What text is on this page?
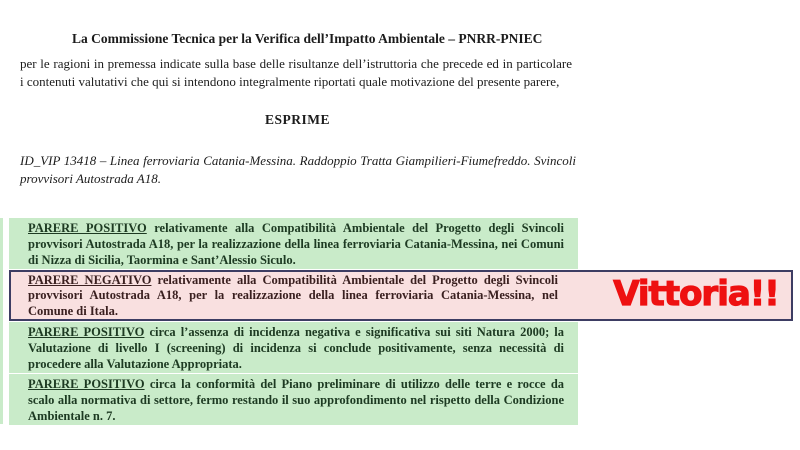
La Commissione Tecnica per la Verifica dell’Impatto Ambientale – PNRR-PNIEC
per le ragioni in premessa indicate sulla base delle risultanze dell’istruttoria che precede ed in particolare i contenuti valutativi che qui si intendono integralmente riportati quale motivazione del presente parere,
ESPRIME
ID_VIP 13418 – Linea ferroviaria Catania-Messina. Raddoppio Tratta Giampilieri-Fiumefreddo. Svincoli provvisori Autostrada A18.
PARERE POSITIVO relativamente alla Compatibilità Ambientale del Progetto degli Svincoli provvisori Autostrada A18, per la realizzazione della linea ferroviaria Catania-Messina, nei Comuni di Nizza di Sicilia, Taormina e Sant’Alessio Siculo.
PARERE NEGATIVO relativamente alla Compatibilità Ambientale del Progetto degli Svincoli provvisori Autostrada A18, per la realizzazione della linea ferroviaria Catania-Messina, nel Comune di Itala.	Vittoria!!
PARERE POSITIVO circa l’assenza di incidenza negativa e significativa sui siti Natura 2000; la Valutazione di livello I (screening) di incidenza si conclude positivamente, senza necessità di procedere alla Valutazione Appropriata.
PARERE POSITIVO circa la conformità del Piano preliminare di utilizzo delle terre e rocce da scalo alla normativa di settore, fermo restando il suo approfondimento nel rispetto della Condizione Ambientale n. 7.
